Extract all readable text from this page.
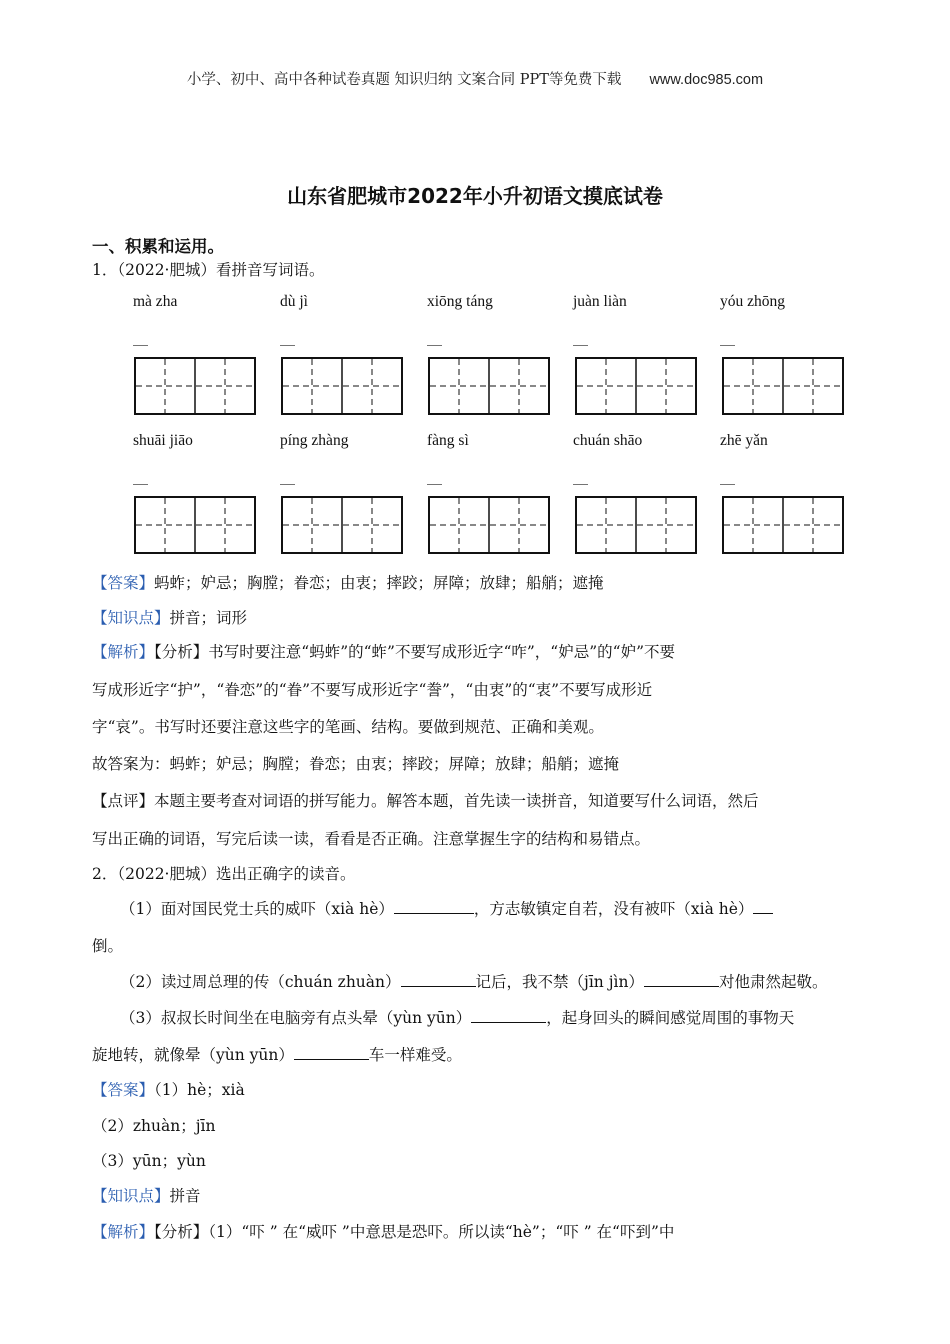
小学、初中、高中各种试卷真题 知识归纳 文案合同 PPT等免费下载 www.doc985.com
山东省肥城市2022年小升初语文摸底试卷
一、积累和运用。
1．（2022·肥城）看拼音写词语。
mà zha	dù jì	xiōng táng	juàn liàn	yóu zhōng
__	__	__	__	__
shuāi jiāo	píng zhàng	fàng sì	chuán shāo	zhē yǎn
__	__	__	__	__
【答案】蚂蚱；妒忌；胸膛；眷恋；由衷；摔跤；屏障；放肆；船艄；遮掩
【知识点】拼音；词形
【解析】【分析】书写时要注意“蚂蚱”的“蚱”不要写成形近字“咋”，“妒忌”的“妒”不要
写成形近字“护”，“眷恋”的“眷”不要写成形近字“誊”，“由衷”的“衷”不要写成形近
字“哀”。书写时还要注意这些字的笔画、结构。要做到规范、正确和美观。
故答案为：蚂蚱；妒忌；胸膛；眷恋；由衷；摔跤；屏障；放肆；船艄；遮掩
【点评】本题主要考查对词语的拼写能力。解答本题，首先读一读拼音，知道要写什么词语，然后
写出正确的词语，写完后读一读，看看是否正确。注意掌握生字的结构和易错点。
2．（2022·肥城）选出正确字的读音。
（1）面对国民党士兵的威吓（xià hè）	，方志敏镇定自若，没有被吓（xià hè）
倒。
（2）读过周总理的传（chuán zhuàn）	记后，我不禁（jīn jìn）	对他肃然起敬。
（3）叔叔长时间坐在电脑旁有点头晕（yùn yūn）	，起身回头的瞬间感觉周围的事物天
旋地转，就像晕（yùn yūn）	车一样难受。
【答案】（1）hè；xià
（2）zhuàn；jīn
（3）yūn；yùn
【知识点】拼音
【解析】【分析】（1）“吓 ” 在“威吓 ”中意思是恐吓。所以读“hè”；“吓 ” 在“吓到”中
